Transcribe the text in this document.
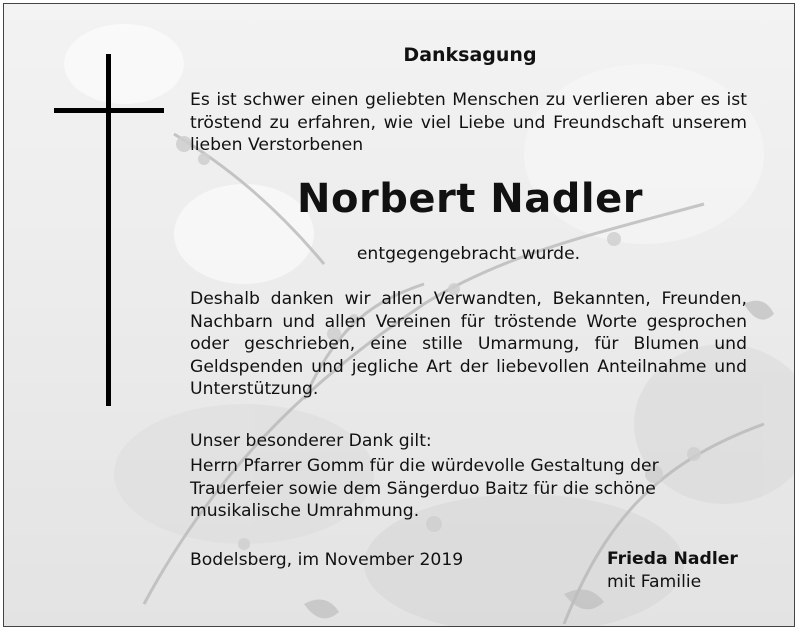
Danksagung
Es ist schwer einen geliebten Menschen zu verlieren aber es ist tröstend zu erfahren, wie viel Liebe und Freundschaft unserem lieben Verstorbenen
Norbert Nadler
entgegengebracht wurde.
Deshalb danken wir allen Verwandten, Bekannten, Freunden, Nachbarn und allen Vereinen für tröstende Worte gesprochen oder geschrieben, eine stille Umarmung, für Blumen und Geldspenden und jegliche Art der liebevollen Anteilnahme und Unterstützung.
Unser besonderer Dank gilt:
Herrn Pfarrer Gomm für die würdevolle Gestaltung der Trauerfeier sowie dem Sängerduo Baitz für die schöne musikalische Umrahmung.
Bodelsberg, im November 2019	Frieda Nadler
mit Familie
